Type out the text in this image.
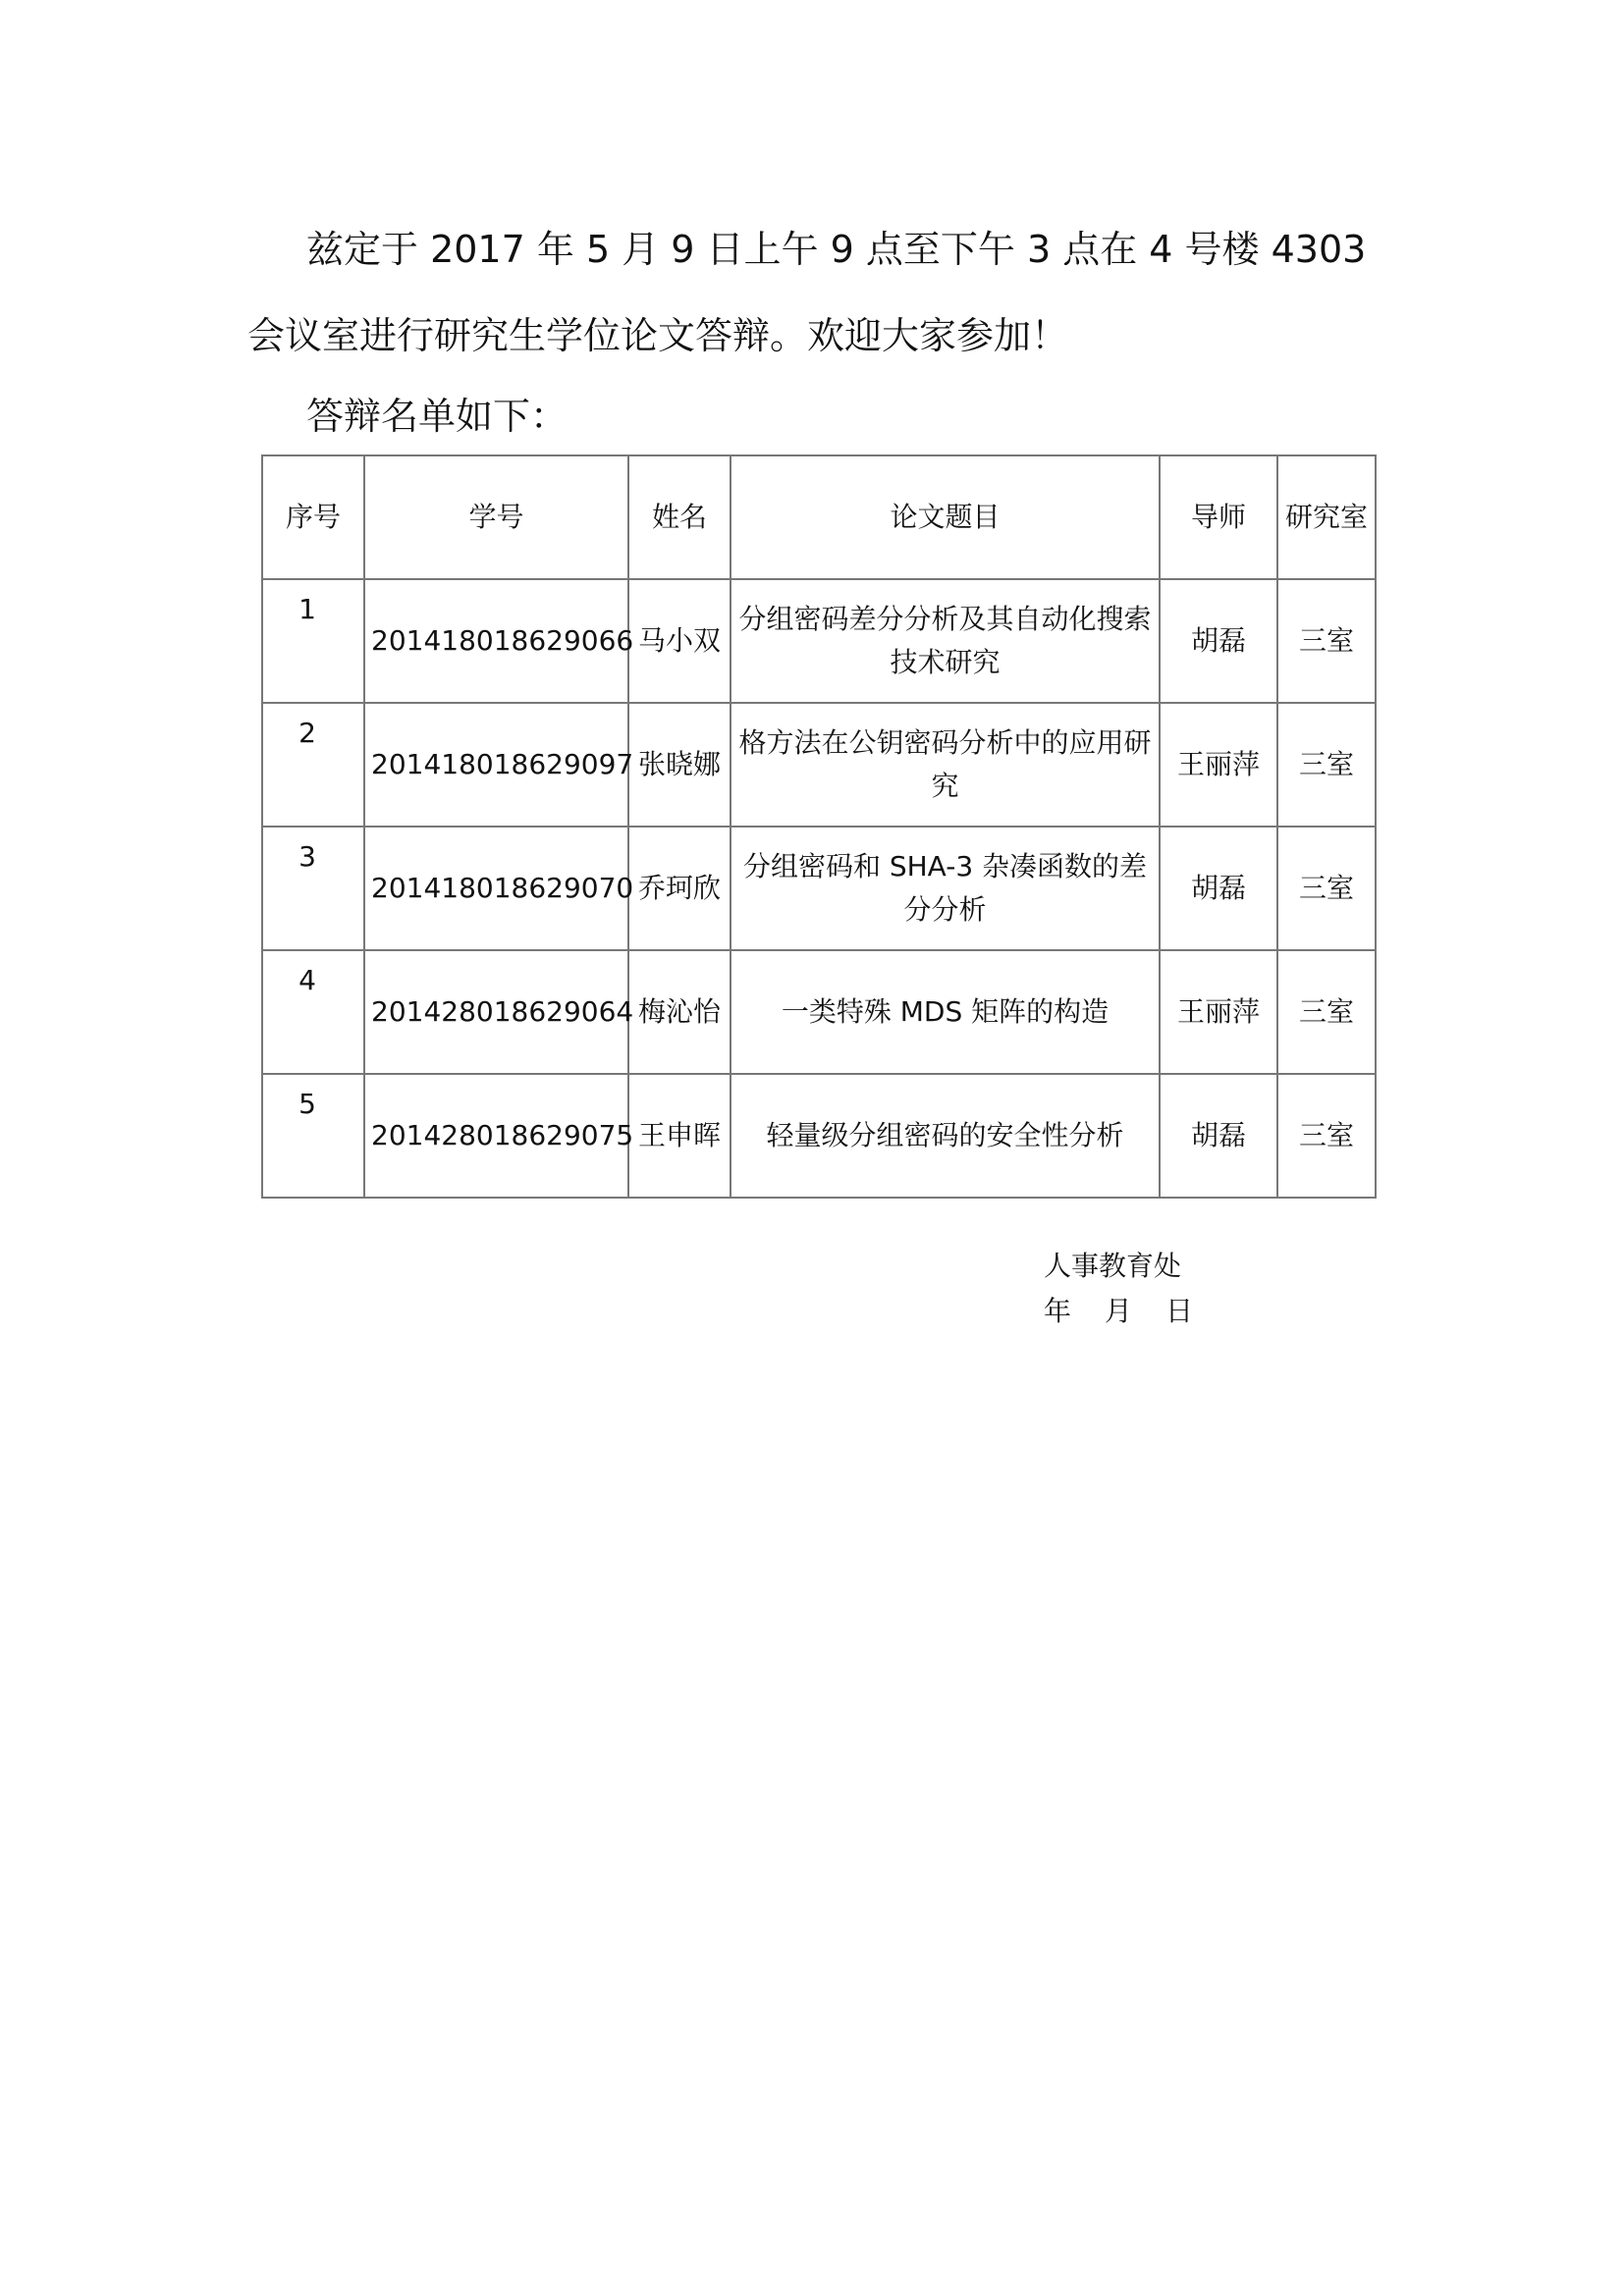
兹定于 2017 年 5 月 9 日上午 9 点至下午 3 点在 4 号楼 4303 会议室进行研究生学位论文答辩。欢迎大家参加！

答辩名单如下：

序号	学号	姓名	论文题目	导师	研究室
1	201418018629066	马小双	分组密码差分分析及其自动化搜索技术研究	胡磊	三室
2	201418018629097	张晓娜	格方法在公钥密码分析中的应用研究	王丽萍	三室
3	201418018629070	乔珂欣	分组密码和 SHA-3 杂凑函数的差分分析	胡磊	三室
4	201428018629064	梅沁怡	一类特殊 MDS 矩阵的构造	王丽萍	三室
5	201428018629075	王申晖	轻量级分组密码的安全性分析	胡磊	三室
人事教育处
年 月 日
